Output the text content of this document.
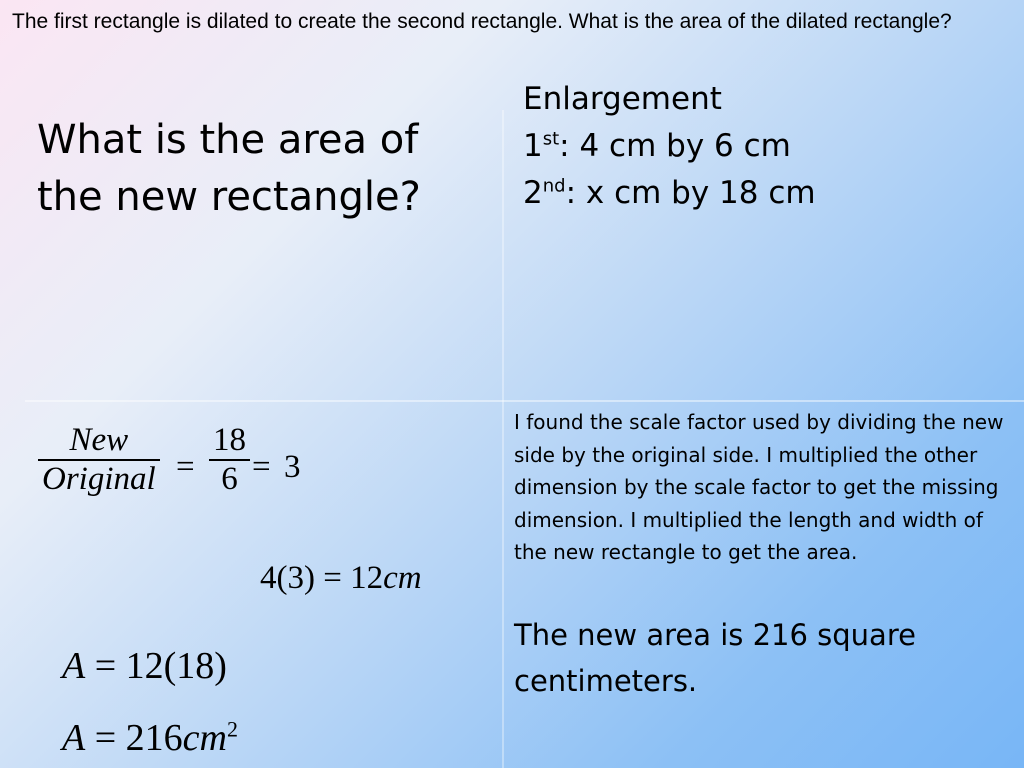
The first rectangle is dilated to create the second rectangle. What is the area of the dilated rectangle?
What is the area of the new rectangle?
Enlargement
1st: 4 cm by 6 cm
2nd: x cm by 18 cm
$\frac{\text{New}}{\text{Original}} = \frac{18}{6} = 3$
4(3) = 12cm
A = 12(18)
$A = 216cm^2$
I found the scale factor used by dividing the new side by the original side. I multiplied the other dimension by the scale factor to get the missing dimension. I multiplied the length and width of the new rectangle to get the area.
The new area is 216 square centimeters.
